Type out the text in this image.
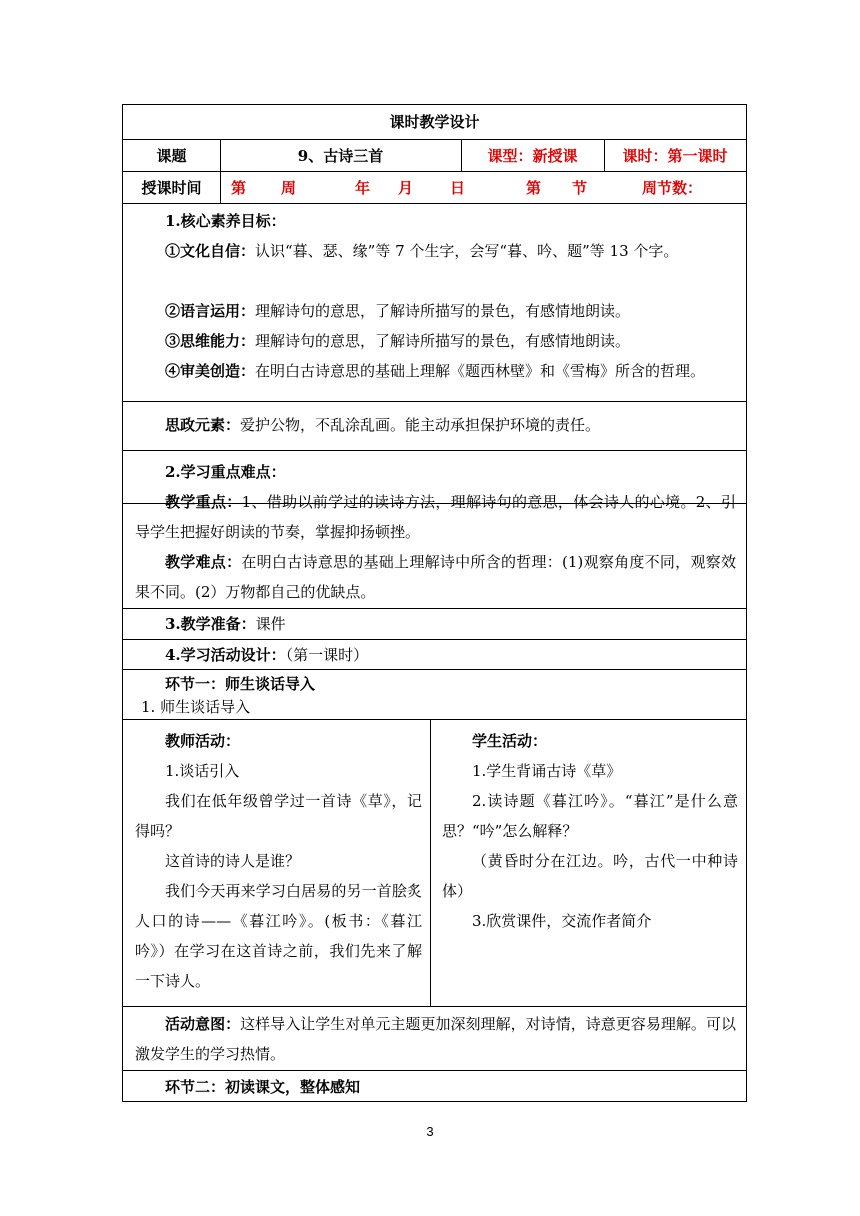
课时教学设计
课题	9、古诗三首	课型：新授课	课时：第一课时
授课时间 第 周	年 月 日	第 节	周节数：

1.核心素养目标：

①文化自信：认识“暮、瑟、缘”等 7 个生字，会写“暮、吟、题”等 13 个字。

②语言运用：理解诗句的意思，了解诗所描写的景色，有感情地朗读。

③思维能力：理解诗句的意思，了解诗所描写的景色，有感情地朗读。

④审美创造：在明白古诗意思的基础上理解《题西林壁》和《雪梅》所含的哲理。

思政元素：爱护公物，不乱涂乱画。能主动承担保护环境的责任。

2.学习重点难点：

教学重点：1、借助以前学过的读诗方法，理解诗句的意思，体会诗人的心境。2、引导学生把握好朗读的节奏，掌握抑扬顿挫。

教学难点：在明白古诗意思的基础上理解诗中所含的哲理：(1)观察角度不同，观察效果不同。(2）万物都自己的优缺点。

3.教学准备：课件

4.学习活动设计：（第一课时）

环节一：师生谈话导入

1. 师生谈话导入

教师活动：

1.谈话引入

我们在低年级曾学过一首诗《草》，记得吗？

这首诗的诗人是谁？

我们今天再来学习白居易的另一首脍炙人口的诗——《暮江吟》。(板书：《暮江吟》）在学习在这首诗之前，我们先来了解一下诗人。

学生活动：

1.学生背诵古诗《草》

2.读诗题《暮江吟》。“暮江”是什么意思？“吟”怎么解释？

（黄昏时分在江边。吟，古代一中种诗体）

3.欣赏课件，交流作者简介

活动意图：这样导入让学生对单元主题更加深刻理解，对诗情，诗意更容易理解。可以激发学生的学习热情。

环节二：初读课文，整体感知

3
